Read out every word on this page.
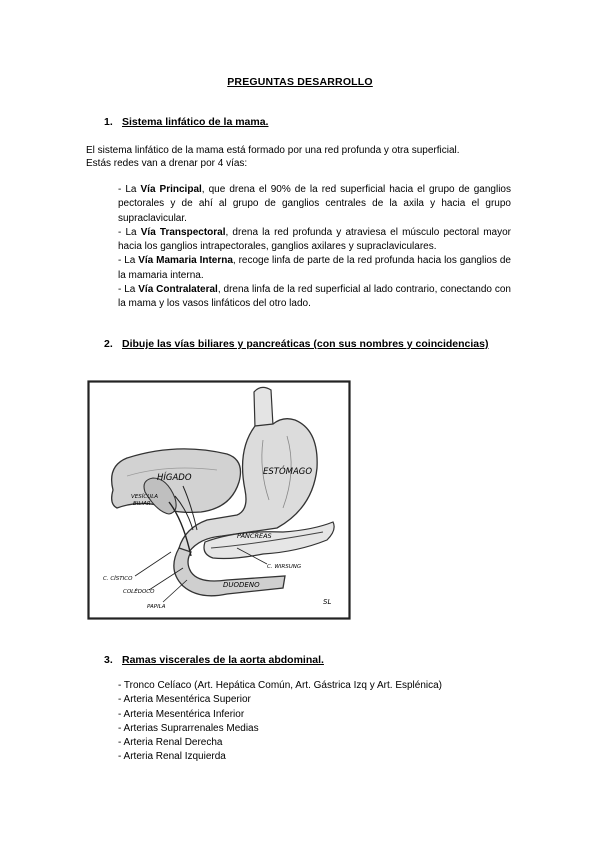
PREGUNTAS DESARROLLO
1. Sistema linfático de la mama.
El sistema linfático de la mama está formado por una red profunda y otra superficial.
Estás redes van a drenar por 4 vías:

- La Vía Principal, que drena el 90% de la red superficial hacia el grupo de ganglios pectorales y de ahí al grupo de ganglios centrales de la axila y hacia el grupo supraclavicular.

- La Vía Transpectoral, drena la red profunda y atraviesa el músculo pectoral mayor hacia los ganglios intrapectorales, ganglios axilares y supraclaviculares.

- La Vía Mamaria Interna, recoge linfa de parte de la red profunda hacia los ganglios de la mamaria interna.

- La Vía Contralateral, drena linfa de la red superficial al lado contrario, conectando con la mama y los vasos linfáticos del otro lado.

2. Dibuje las vías biliares y pancreáticas (con sus nombres y coincidencias)
HÍGADO
ESTÓMAGO
VESÍCULA
BILIAR
PÁNCREAS
C. CÍSTICO
C. WIRSUNG
DUODENO
COLÉDOCO
PAPILA
SL
3. Ramas viscerales de la aorta abdominal.
- Tronco Celíaco (Art. Hepática Común, Art. Gástrica Izq y Art. Esplénica)
- Arteria Mesentérica Superior
- Arteria Mesentérica Inferior
- Arterias Suprarrenales Medias
- Arteria Renal Derecha
- Arteria Renal Izquierda
